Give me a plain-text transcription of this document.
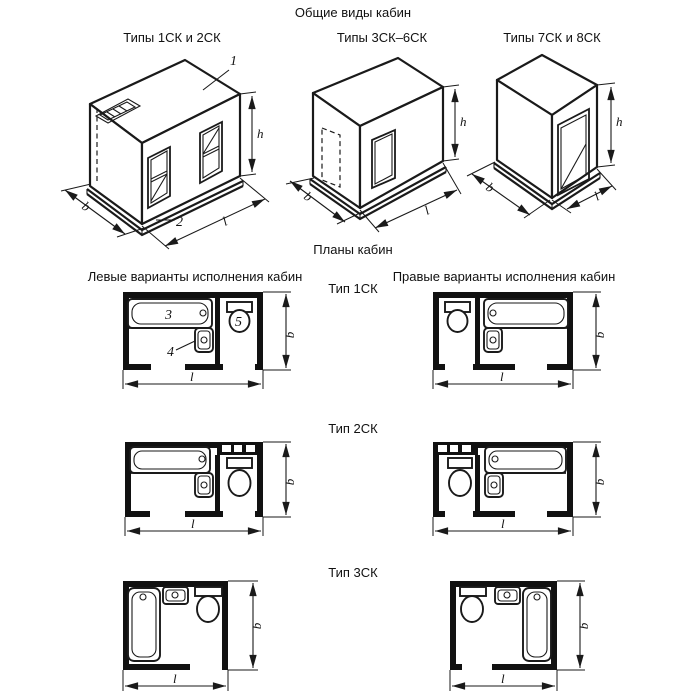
Общие виды кабин
Типы 1СК и 2СК	Типы 3СК–6СК	Типы 7СК и 8СК
Планы кабин
Левые варианты исполнения кабин	Правые варианты исполнения кабин
Тип 1СК
Тип 2СК
Тип 3СК
1
2
h
l
b
h
l
b
h
l
b
3
4
5
b
l
b
l
b
l
b
l
b
l
b
l
